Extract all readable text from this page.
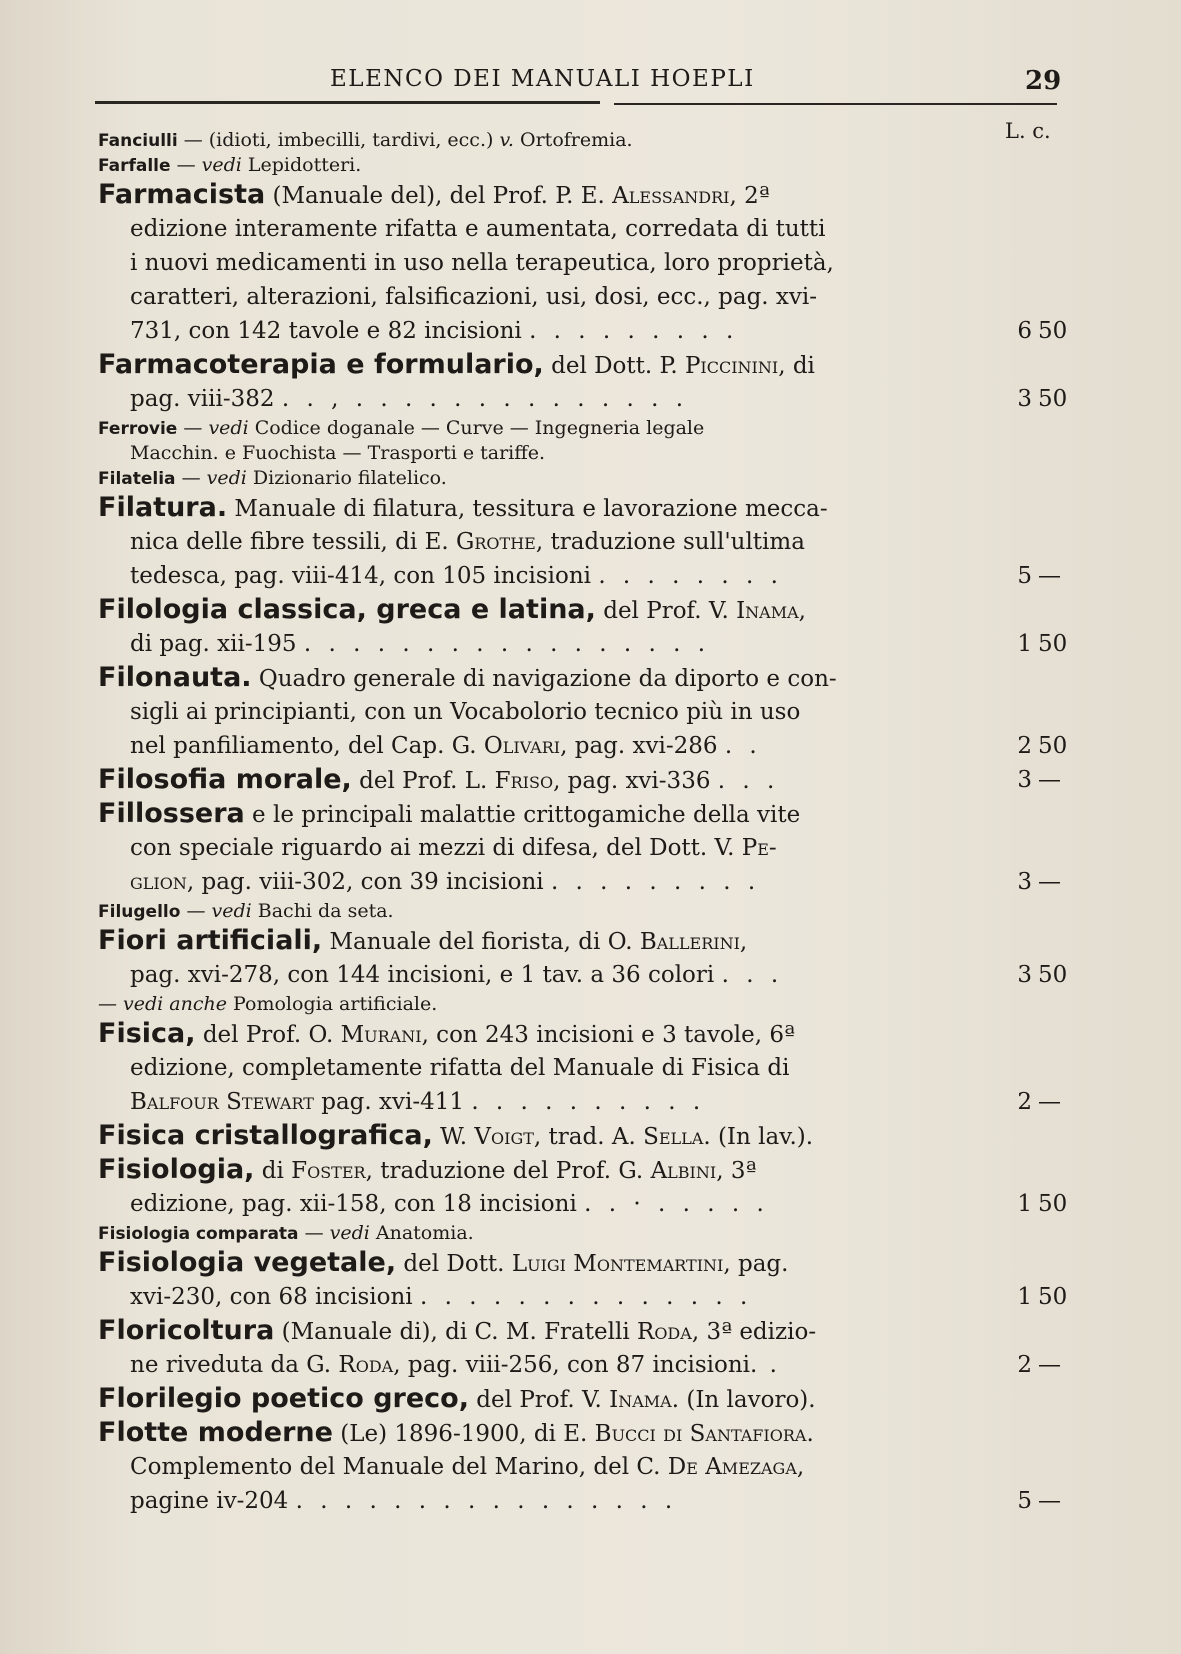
ELENCO DEI MANUALI HOEPLI	29
L. c.
Fanciulli — (idioti, imbecilli, tardivi, ecc.) v. Ortofremia.
Farfalle — vedi Lepidotteri.
Farmacista (Manuale del), del Prof. P. E. Alessandri, 2ª
edizione interamente rifatta e aumentata, corredata di tutti
i nuovi medicamenti in uso nella terapeutica, loro proprietà,
caratteri, alterazioni, falsificazioni, usi, dosi, ecc., pag. xvi-
731, con 142 tavole e 82 incisioni . . . . . . . . .	6 50
Farmacoterapia e formulario, del Dott. P. Piccinini, di
pag. viii-382 . . , . . . . . . . . . . . . . .	3 50
Ferrovie — vedi Codice doganale — Curve — Ingegneria legale
Macchin. e Fuochista — Trasporti e tariffe.
Filatelia — vedi Dizionario filatelico.
Filatura. Manuale di filatura, tessitura e lavorazione mecca-
nica delle fibre tessili, di E. Grothe, traduzione sull'ultima
tedesca, pag. viii-414, con 105 incisioni . . . . . . . .	5 —
Filologia classica, greca e latina, del Prof. V. Inama,
di pag. xii-195 . . . . . . . . . . . . . . . . .	1 50
Filonauta. Quadro generale di navigazione da diporto e con-
sigli ai principianti, con un Vocabolorio tecnico più in uso
nel panfiliamento, del Cap. G. Olivari, pag. xvi-286 . .	2 50
Filosofia morale, del Prof. L. Friso, pag. xvi-336 . . .	3 —
Fillossera e le principali malattie crittogamiche della vite
con speciale riguardo ai mezzi di difesa, del Dott. V. Pe-
glion, pag. viii-302, con 39 incisioni . . . . . . . . .	3 —
Filugello — vedi Bachi da seta.
Fiori artificiali, Manuale del fiorista, di O. Ballerini,
pag. xvi-278, con 144 incisioni, e 1 tav. a 36 colori . . .	3 50
— vedi anche Pomologia artificiale.
Fisica, del Prof. O. Murani, con 243 incisioni e 3 tavole, 6ª
edizione, completamente rifatta del Manuale di Fisica di
Balfour Stewart pag. xvi-411 . . . . . . . . . .	2 —
Fisica cristallografica, W. Voigt, trad. A. Sella. (In lav.).
Fisiologia, di Foster, traduzione del Prof. G. Albini, 3ª
edizione, pag. xii-158, con 18 incisioni . . · . . . . .	1 50
Fisiologia comparata — vedi Anatomia.
Fisiologia vegetale, del Dott. Luigi Montemartini, pag.
xvi-230, con 68 incisioni . . . . . . . . . . . . . .	1 50
Floricoltura (Manuale di), di C. M. Fratelli Roda, 3ª edizio-
ne riveduta da G. Roda, pag. viii-256, con 87 incisioni. .	2 —
Florilegio poetico greco, del Prof. V. Inama. (In lavoro).
Flotte moderne (Le) 1896-1900, di E. Bucci di Santafiora.
Complemento del Manuale del Marino, del C. De Amezaga,
pagine iv-204 . . . . . . . . . . . . . . . .	5 —
